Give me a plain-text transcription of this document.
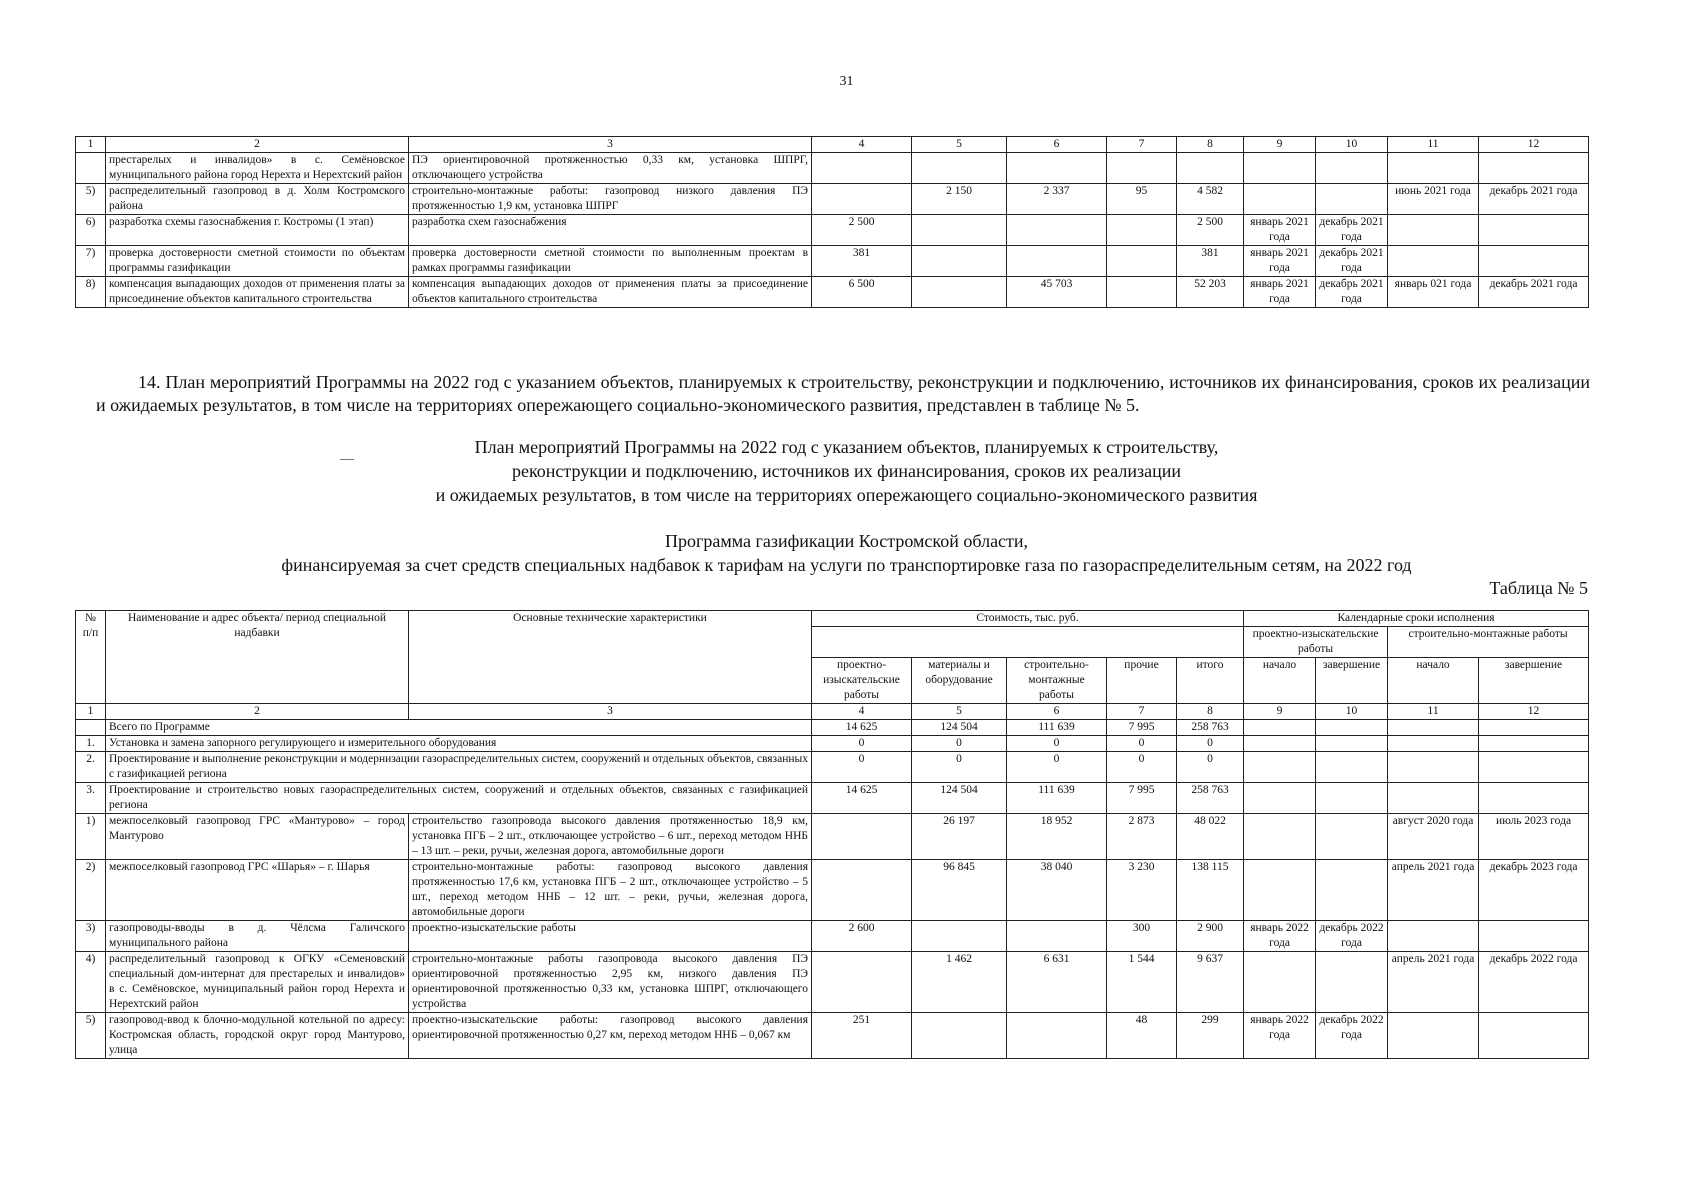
31
1	2	3	4	5	6	7	8	9	10	11	12
	престарелых и инвалидов» в с. Семёновское муниципального района город Нерехта и Нерехтский район	ПЭ ориентировочной протяженностью 0,33 км, установка ШПРГ, отключающего устройства									
5)	распределительный газопровод в д. Холм Костромского района	строительно-монтажные работы: газопровод низкого давления ПЭ протяженностью 1,9 км, установка ШПРГ		2 150	2 337	95	4 582			июнь 2021 года	декабрь 2021 года
6)	разработка схемы газоснабжения г. Костромы (1 этап)	разработка схем газоснабжения	2 500				2 500	январь 2021 года	декабрь 2021 года		
7)	проверка достоверности сметной стоимости по объектам программы газификации	проверка достоверности сметной стоимости по выполненным проектам в рамках программы газификации	381				381	январь 2021 года	декабрь 2021 года		
8)	компенсация выпадающих доходов от применения платы за присоединение объектов капитального строительства	компенсация выпадающих доходов от применения платы за присоединение объектов капитального строительства	6 500		45 703		52 203	январь 2021 года	декабрь 2021 года	январь 021 года	декабрь 2021 года

14. План мероприятий Программы на 2022 год с указанием объектов, планируемых к строительству, реконструкции и подключению, источников их финансирования, сроков их реализации и ожидаемых результатов, в том числе на территориях опережающего социально-экономического развития, представлен в таблице № 5.

План мероприятий Программы на 2022 год с указанием объектов, планируемых к строительству,

реконструкции и подключению, источников их финансирования, сроков их реализации

и ожидаемых результатов, в том числе на территориях опережающего социально-экономического развития

Программа газификации Костромской области,

финансируемая за счет средств специальных надбавок к тарифам на услуги по транспортировке газа по газораспределительным сетям, на 2022 год

Таблица № 5
№ п/п	Наименование и адрес объекта/ период специальной надбавки	Основные технические характеристики	Стоимость, тыс. руб.					Календарные сроки исполнения			
								проектно-изыскательские работы		строительно-монтажные работы	
			проектно-изыскательские работы	материалы и оборудование	строительно-монтажные работы	прочие	итого	начало	завершение	начало	завершение
1	2	3	4	5	6	7	8	9	10	11	12
	Всего по Программе		14 625	124 504	111 639	7 995	258 763				
1.	Установка и замена запорного регулирующего и измерительного оборудования		0	0	0	0	0				
2.	Проектирование и выполнение реконструкции и модернизации газораспределительных систем, сооружений и отдельных объектов, связанных с газификацией региона		0	0	0	0	0				
3.	Проектирование и строительство новых газораспределительных систем, сооружений и отдельных объектов, связанных с газификацией региона		14 625	124 504	111 639	7 995	258 763				
1)	межпоселковый газопровод ГРС «Мантурово» – город Мантурово	строительство газопровода высокого давления протяженностью 18,9 км, установка ПГБ – 2 шт., отключающее устройство – 6 шт., переход методом ННБ – 13 шт. – реки, ручьи, железная дорога, автомобильные дороги		26 197	18 952	2 873	48 022			август 2020 года	июль 2023 года
2)	межпоселковый газопровод ГРС «Шарья» – г. Шарья	строительно-монтажные работы: газопровод высокого давления протяженностью 17,6 км, установка ПГБ – 2 шт., отключающее устройство – 5 шт., переход методом ННБ – 12 шт. – реки, ручьи, железная дорога, автомобильные дороги		96 845	38 040	3 230	138 115			апрель 2021 года	декабрь 2023 года
3)	газопроводы-вводы в д. Чёлсма Галичского муниципального района	проектно-изыскательские работы	2 600			300	2 900	январь 2022 года	декабрь 2022 года		
4)	распределительный газопровод к ОГКУ «Семеновский специальный дом-интернат для престарелых и инвалидов» в с. Семёновское, муниципальный район город Нерехта и Нерехтский район	строительно-монтажные работы газопровода высокого давления ПЭ ориентировочной протяженностью 2,95 км, низкого давления ПЭ ориентировочной протяженностью 0,33 км, установка ШПРГ, отключающего устройства		1 462	6 631	1 544	9 637			апрель 2021 года	декабрь 2022 года
5)	газопровод-ввод к блочно-модульной котельной по адресу: Костромская область, городской округ город Мантурово, улица	проектно-изыскательские работы: газопровод высокого давления ориентировочной протяженностью 0,27 км, переход методом ННБ – 0,067 км	251			48	299	январь 2022 года	декабрь 2022 года		
